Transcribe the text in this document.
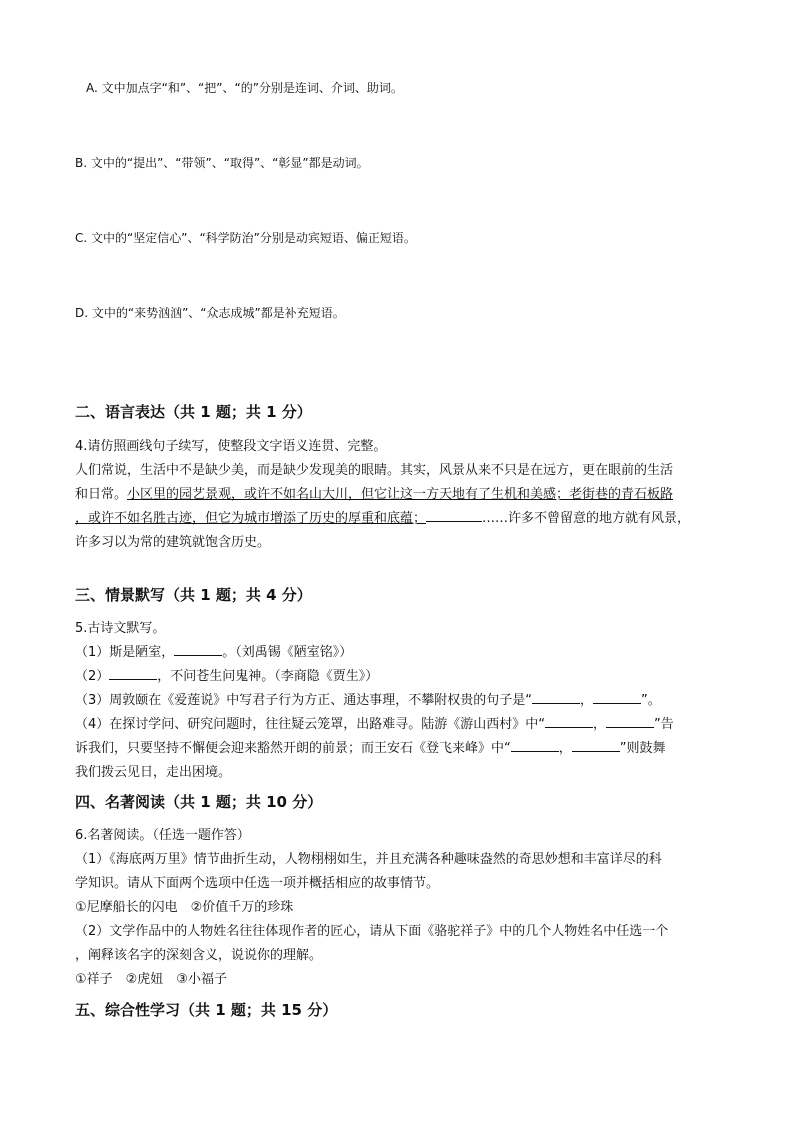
A. 文中加点字“和”、“把”、“的”分别是连词、介词、助词。
B. 文中的“提出”、“带领”、“取得”、“彰显”都是动词。
C. 文中的“坚定信心”、“科学防治”分别是动宾短语、偏正短语。
D. 文中的“来势汹汹”、“众志成城”都是补充短语。
二、语言表达（共 1 题；共 1 分）
4.请仿照画线句子续写，使整段文字语义连贯、完整。
人们常说，生活中不是缺少美，而是缺少发现美的眼睛。其实，风景从来不只是在远方，更在眼前的生活
和日常。小区里的园艺景观，或许不如名山大川，但它让这一方天地有了生机和美感；老街巷的青石板路
，或许不如名胜古迹，但它为城市增添了历史的厚重和底蕴；	……许多不曾留意的地方就有风景，
许多习以为常的建筑就饱含历史。
三、情景默写（共 1 题；共 4 分）
5.古诗文默写。
（1）斯是陋室，	。（刘禹锡《陋室铭》）
（2）	，不问苍生问鬼神。（李商隐《贾生》）
（3）周敦颐在《爱莲说》中写君子行为方正、通达事理，不攀附权贵的句子是“	，	”。
（4）在探讨学问、研究问题时，往往疑云笼罩，出路难寻。陆游《游山西村》中“	，	”告
诉我们，只要坚持不懈便会迎来豁然开朗的前景；而王安石《登飞来峰》中“	，	”则鼓舞
我们拨云见日，走出困境。
四、名著阅读（共 1 题；共 10 分）
6.名著阅读。（任选一题作答）
（1）《海底两万里》情节曲折生动，人物栩栩如生，并且充满各种趣味盎然的奇思妙想和丰富详尽的科
学知识。请从下面两个选项中任选一项并概括相应的故事情节。
①尼摩船长的闪电　②价值千万的珍珠
（2）文学作品中的人物姓名往往体现作者的匠心，请从下面《骆驼祥子》中的几个人物姓名中任选一个
，阐释该名字的深刻含义，说说你的理解。
①祥子　②虎妞　③小福子
五、综合性学习（共 1 题；共 15 分）
